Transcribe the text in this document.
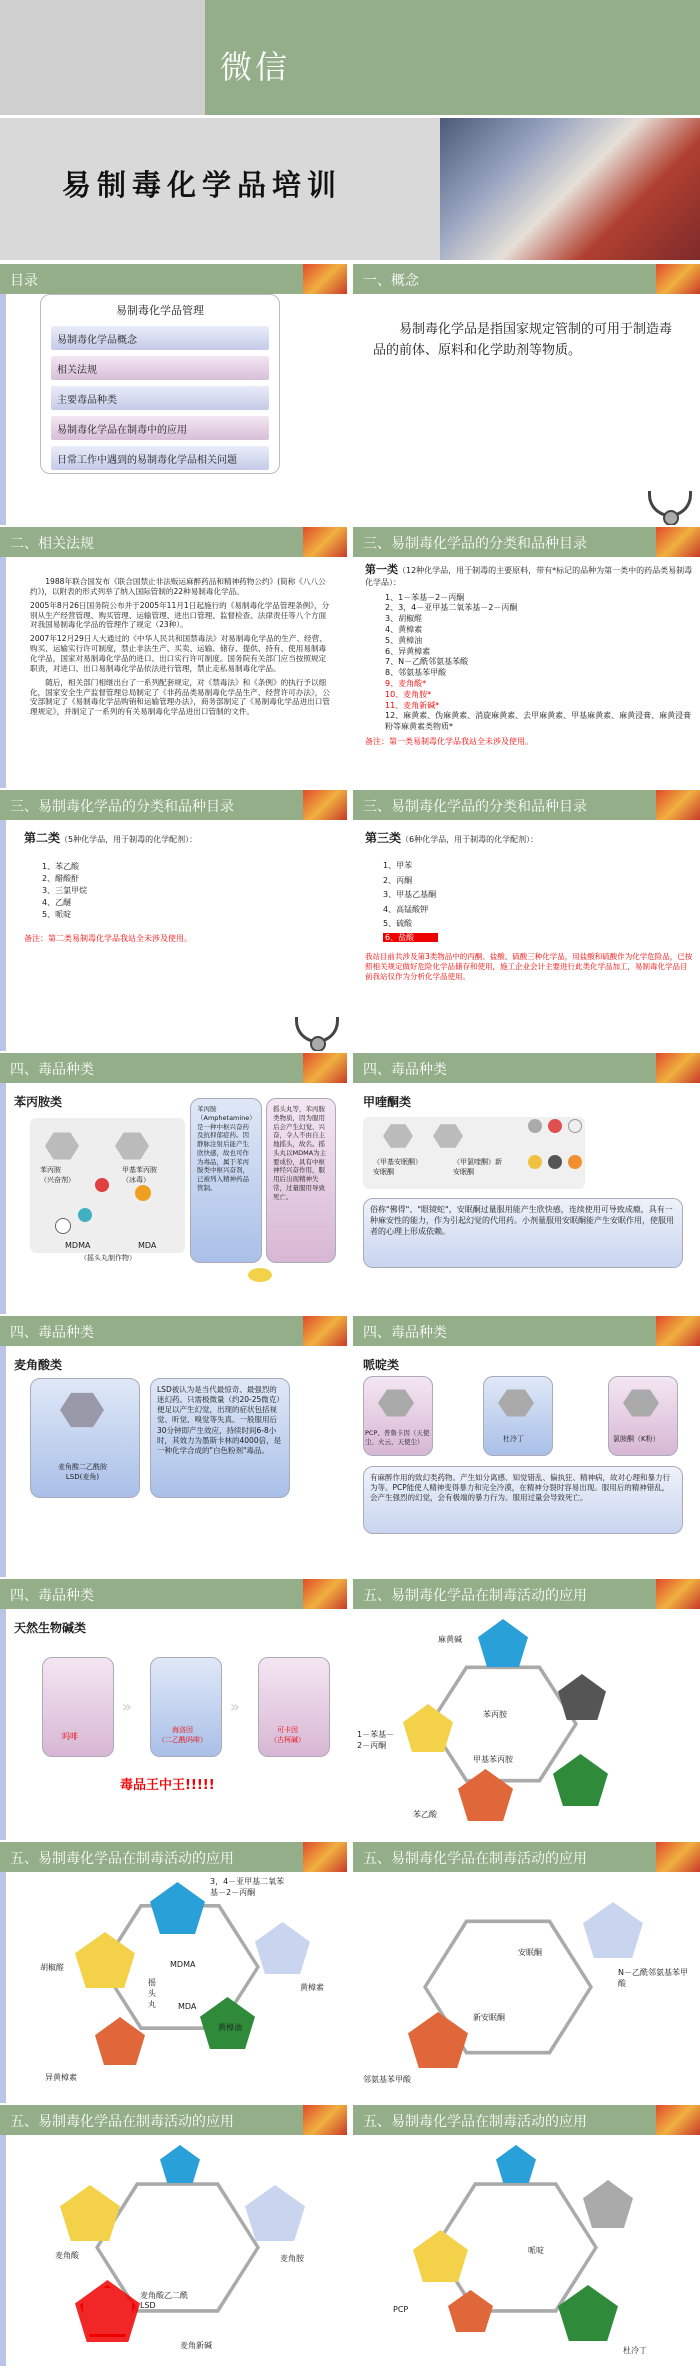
微信
易制毒化学品培训
目录
易制毒化学品管理
易制毒化学品概念
相关法规
主要毒品种类
易制毒化学品在制毒中的应用
日常工作中遇到的易制毒化学品相关问题
一、概念
易制毒化学品是指国家规定管制的可用于制造毒品的前体、原料和化学助剂等物质。
二、相关法规

1988年联合国发布《联合国禁止非法贩运麻醉药品和精神药物公约》(简称《八八公约》)，以附表的形式列举了纳入国际管制的22种易制毒化学品。

2005年8月26日国务院公布并于2005年11月1日起施行的《易制毒化学品管理条例》，分别从生产经营管理、购买管理、运输管理、进出口管理、监督检查、法律责任等八个方面对我国易制毒化学品的管理作了规定（23种）。

2007年12月29日人大通过的《中华人民共和国禁毒法》对易制毒化学品的生产、经营、购买、运输实行许可制度，禁止非法生产、买卖、运输、储存、提供、持有、使用易制毒化学品，国家对易制毒化学品的进口、出口实行许可制度。国务院有关部门应当按照规定职责，对进口、出口易制毒化学品依法进行管理，禁止走私易制毒化学品。

随后，相关部门相继出台了一系列配套规定，对《禁毒法》和《条例》的执行予以细化，国家安全生产监督管理总局制定了《非药品类易制毒化学品生产、经营许可办法》，公安部制定了《易制毒化学品购销和运输管理办法》，商务部制定了《易制毒化学品进出口管理规定》，并制定了一系列的有关易制毒化学品进出口管制的文件。

三、易制毒化学品的分类和品种目录
第一类（12种化学品，用于制毒的主要原料，带有*标记的品种为第一类中的药品类易制毒化学品）：
1、1－苯基－2－丙酮
2、3，4－亚甲基二氧苯基－2－丙酮
3、胡椒醛
4、黄樟素
5、黄樟油
6、异黄樟素
7、N－乙酰邻氨基苯酸
8、邻氨基苯甲酸
9、麦角酸*
10、麦角胺*
11、麦角新碱*
12、麻黄素、伪麻黄素、消旋麻黄素、去甲麻黄素、甲基麻黄素、麻黄浸膏、麻黄浸膏粉等麻黄素类物质*
备注：第一类易制毒化学品我站全未涉及使用。
三、易制毒化学品的分类和品种目录
第二类（5种化学品，用于制毒的化学配剂）：
1、苯乙酸
2、醋酸酐
3、三氯甲烷
4、乙醚
5、哌啶
备注：第二类易制毒化学品我站全未涉及使用。
三、易制毒化学品的分类和品种目录
第三类（6种化学品，用于制毒的化学配剂）：
1、甲苯
2、丙酮
3、甲基乙基酮
4、高锰酸钾
5、硫酸
6、盐酸
我站目前共涉及第3类物品中的丙酮、盐酸、硫酸三种化学品，用盐酸和硫酸作为化学危险品，已按照相关规定做好危险化学品储存和使用，施工企业会计主要进行此类化学品加工，易制毒化学品目前我站仅作为分析化学品使用。
四、毒品种类
苯丙胺类
苯丙胺
（兴奋剂）
甲基苯丙胺
（冰毒）
MDMA	MDA
（摇头丸制作物）
苯丙胺（Amphetamine）是一种中枢兴奋药及抗抑郁症药。因静脉注射后能产生欣快感，故也可作为毒品，属于苯丙胺类中枢兴奋剂，已被列入精神药品管制。
摇头丸等，苯丙胺类物质，因为服用后会产生幻觉、兴奋，令人不由自主地摇头，故名。摇头丸以MDMA为主要成份，具有中枢神经兴奋作用，服用后出现精神失常，过量服用导致死亡。
四、毒品种类
甲喹酮类
（甲基安眠酮）
安眠酮
（甲氯喹酮）新
安眠酮
俗称"佛得"、"眼镜蛇"，安眠酮过量服用能产生欣快感，连续使用可导致成瘾，具有一种麻安性的能力，作为引起幻觉的代用药。小剂量服用安眠酮能产生安眠作用，使服用者的心理上形成依赖。
四、毒品种类
麦角酸类
麦角酸二乙酰胺
LSD(麦角)
LSD被认为是当代最惊奇、最强烈的迷幻药。只需极微量（约20-25微克）便足以产生幻觉，出现的症状包括视觉、听觉、嗅觉等失真。一般服用后30分钟即产生效应，持续时间6-8小时，其效力为墨斯卡林的4000倍，是一种化学合成的"白色粉剂"毒品。
四、毒品种类
哌啶类
PCP、普鲁卡因（天使
尘、火云、天使尘）	杜冷丁	氯胺酮（K粉）
有麻醉作用的致幻类药物。产生如分离感、知觉错乱、偏执狂、精神病，故对心理和暴力行为等。PCP能使人精神变得暴力和完全冷漠，在精神分裂时容易出现。服用后的精神错乱，会产生强烈的幻觉，会有极端的暴力行为。服用过量会导致死亡。
四、毒品种类
天然生物碱类
吗啡
海洛因
（二乙酰吗啡）
可卡因
（古柯碱）
»	»
毒品王中王!!!!!
五、易制毒化学品在制毒活动的应用
麻黄碱
1－苯基－2－丙酮
苯丙胺
甲基苯丙胺
苯乙酸
五、易制毒化学品在制毒活动的应用
3，4－亚甲基二氧苯基－2－丙酮
胡椒醛	MDMA
MDA
摇头丸
黄樟素
黄樟油
异黄樟素
五、易制毒化学品在制毒活动的应用
安眠酮
N－乙酰邻氨基苯甲酸
新安眠酮
邻氨基苯甲酸
五、易制毒化学品在制毒活动的应用
麦角酸	麦角胺
麦角酸乙二酰LSD
麦角新碱
五、易制毒化学品在制毒活动的应用
PCP
哌啶
杜冷丁
